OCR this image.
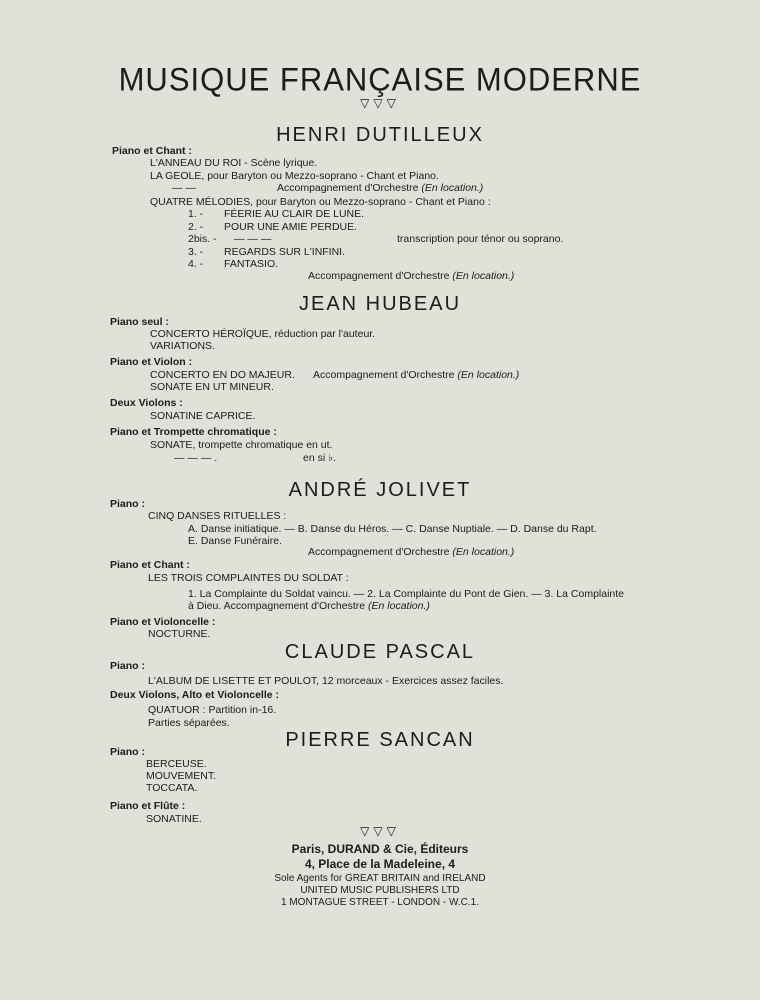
MUSIQUE FRANÇAISE MODERNE
▽▽▽
HENRI DUTILLEUX
Piano et Chant :
L'ANNEAU DU ROI - Scène lyrique.
LA GEOLE, pour Baryton ou Mezzo-soprano - Chant et Piano.
— —	Accompagnement d'Orchestre (En location.)
QUATRE MÉLODIES, pour Baryton ou Mezzo-soprano - Chant et Piano :
1. - FÉERIE AU CLAIR DE LUNE.
2. - POUR UNE AMIE PERDUE.
2bis. - — — —	transcription pour ténor ou soprano.
3. - REGARDS SUR L'INFINI.
4. - FANTASIO.
Accompagnement d'Orchestre (En location.)
JEAN HUBEAU
Piano seul :
CONCERTO HÉROÏQUE, réduction par l'auteur.
VARIATIONS.
Piano et Violon :
CONCERTO EN DO MAJEUR. Accompagnement d'Orchestre (En location.)
SONATE EN UT MINEUR.
Deux Violons :
SONATINE CAPRICE.
Piano et Trompette chromatique :
SONATE, trompette chromatique en ut.
— — — .	en si ♭.
ANDRÉ JOLIVET
Piano :
CINQ DANSES RITUELLES :
A. Danse initiatique. — B. Danse du Héros. — C. Danse Nuptiale. — D. Danse du Rapt.
E. Danse Funéraire.
Accompagnement d'Orchestre (En location.)
Piano et Chant :
LES TROIS COMPLAINTES DU SOLDAT :
1. La Complainte du Soldat vaincu. — 2. La Complainte du Pont de Gien. — 3. La Complainte
à Dieu. Accompagnement d'Orchestre (En location.)
Piano et Violoncelle :
NOCTURNE.
CLAUDE PASCAL
Piano :
L'ALBUM DE LISETTE ET POULOT, 12 morceaux - Exercices assez faciles.
Deux Violons, Alto et Violoncelle :
QUATUOR : Partition in-16.
Parties séparées.
PIERRE SANCAN
Piano :
BERCEUSE.
MOUVEMENT.
TOCCATA.
Piano et Flûte :
SONATINE.
▽▽▽
Paris, DURAND & Cie, Éditeurs
4, Place de la Madeleine, 4
Sole Agents for GREAT BRITAIN and IRELAND
UNITED MUSIC PUBLISHERS LTD
1 MONTAGUE STREET - LONDON - W.C.1.
